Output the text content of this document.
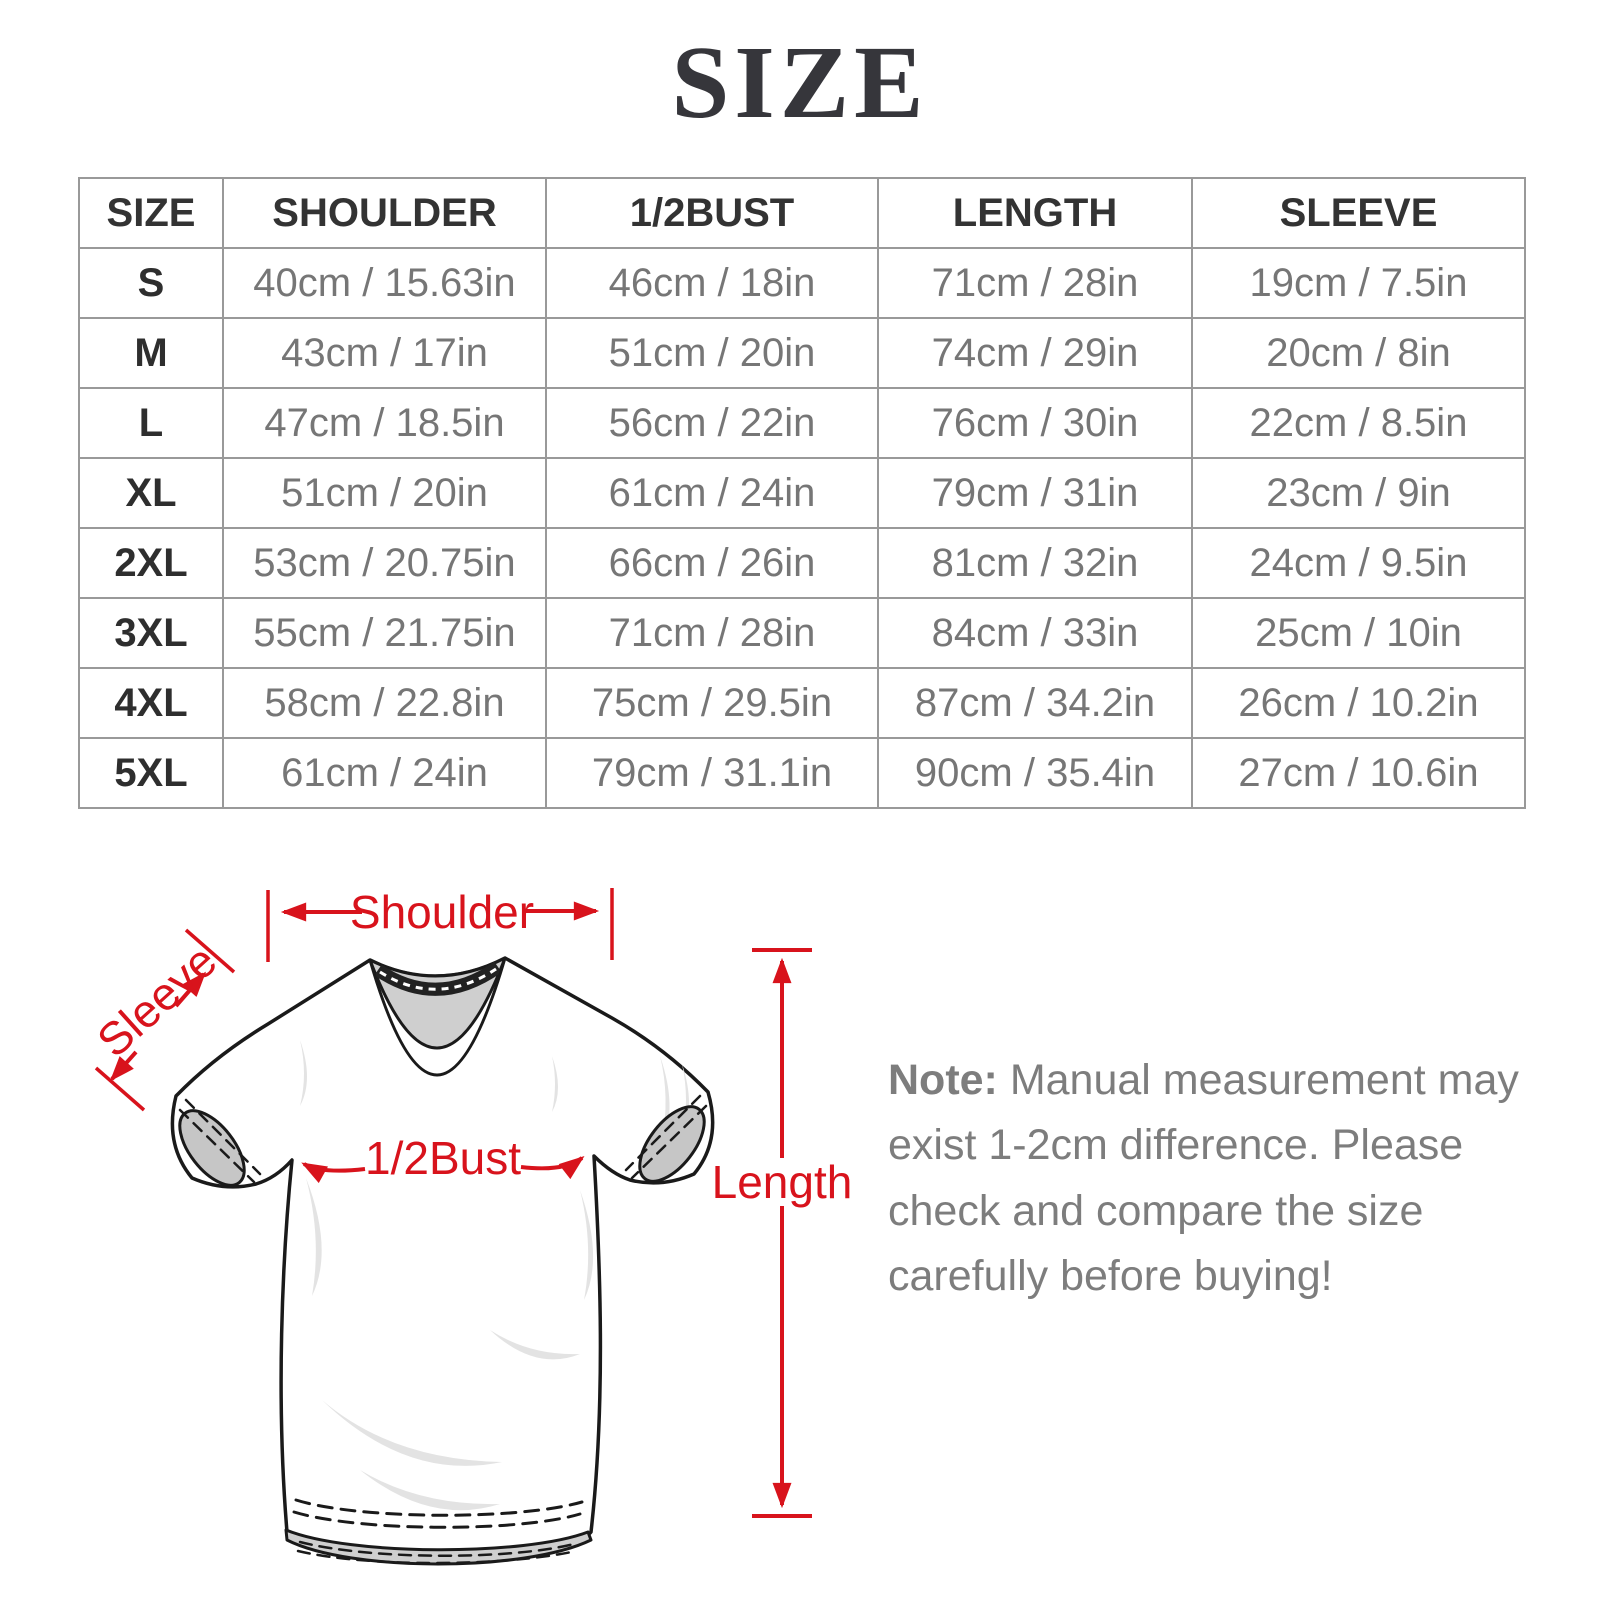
SIZE
SIZE	SHOULDER	1/2BUST	LENGTH	SLEEVE
S	40cm / 15.63in	46cm / 18in	71cm / 28in	19cm / 7.5in
M	43cm / 17in	51cm / 20in	74cm / 29in	20cm / 8in
L	47cm / 18.5in	56cm / 22in	76cm / 30in	22cm / 8.5in
XL	51cm / 20in	61cm / 24in	79cm / 31in	23cm / 9in
2XL	53cm / 20.75in	66cm / 26in	81cm / 32in	24cm / 9.5in
3XL	55cm / 21.75in	71cm / 28in	84cm / 33in	25cm / 10in
4XL	58cm / 22.8in	75cm / 29.5in	87cm / 34.2in	26cm / 10.2in
5XL	61cm / 24in	79cm / 31.1in	90cm / 35.4in	27cm / 10.6in
Shoulder
Sleeve
1/2Bust	Length

Note: Manual measurement may exist 1-2cm difference. Please check and compare the size carefully before buying!
